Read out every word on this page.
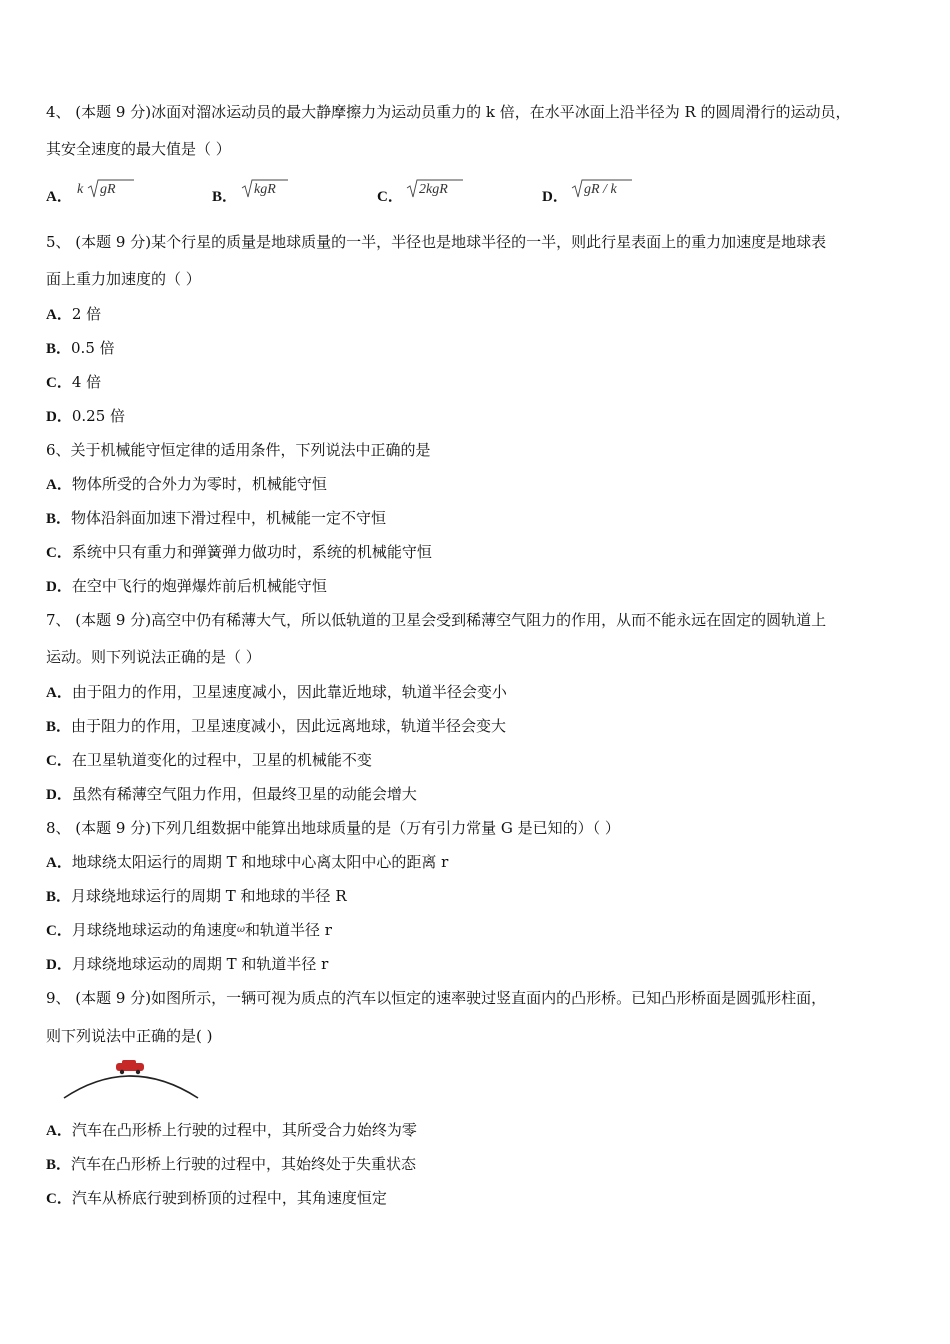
4、 (本题 9 分)冰面对溜冰运动员的最大静摩擦力为运动员重力的 k 倍，在水平冰面上沿半径为 R 的圆周滑行的运动员，
其安全速度的最大值是（ ）
A． k gR	B． kgR	C． 2kgR	D． gR / k
5、 (本题 9 分)某个行星的质量是地球质量的一半，半径也是地球半径的一半，则此行星表面上的重力加速度是地球表
面上重力加速度的（ ）
A．2 倍
B．0.5 倍
C．4 倍
D．0.25 倍
6、关于机械能守恒定律的适用条件，下列说法中正确的是
A．物体所受的合外力为零时，机械能守恒
B．物体沿斜面加速下滑过程中，机械能一定不守恒
C．系统中只有重力和弹簧弹力做功时，系统的机械能守恒
D．在空中飞行的炮弹爆炸前后机械能守恒
7、 (本题 9 分)高空中仍有稀薄大气，所以低轨道的卫星会受到稀薄空气阻力的作用，从而不能永远在固定的圆轨道上
运动。则下列说法正确的是（ ）
A．由于阻力的作用，卫星速度减小，因此靠近地球，轨道半径会变小
B．由于阻力的作用，卫星速度减小，因此远离地球，轨道半径会变大
C．在卫星轨道变化的过程中，卫星的机械能不变
D．虽然有稀薄空气阻力作用，但最终卫星的动能会增大
8、 (本题 9 分)下列几组数据中能算出地球质量的是（万有引力常量 G 是已知的）（ ）
A．地球绕太阳运行的周期 T 和地球中心离太阳中心的距离 r
B．月球绕地球运行的周期 T 和地球的半径 R
C．月球绕地球运动的角速度$^\omega$和轨道半径 r
D．月球绕地球运动的周期 T 和轨道半径 r
9、 (本题 9 分)如图所示，一辆可视为质点的汽车以恒定的速率驶过竖直面内的凸形桥。已知凸形桥面是圆弧形柱面，
则下列说法中正确的是( )
A．汽车在凸形桥上行驶的过程中，其所受合力始终为零
B．汽车在凸形桥上行驶的过程中，其始终处于失重状态
C．汽车从桥底行驶到桥顶的过程中，其角速度恒定
